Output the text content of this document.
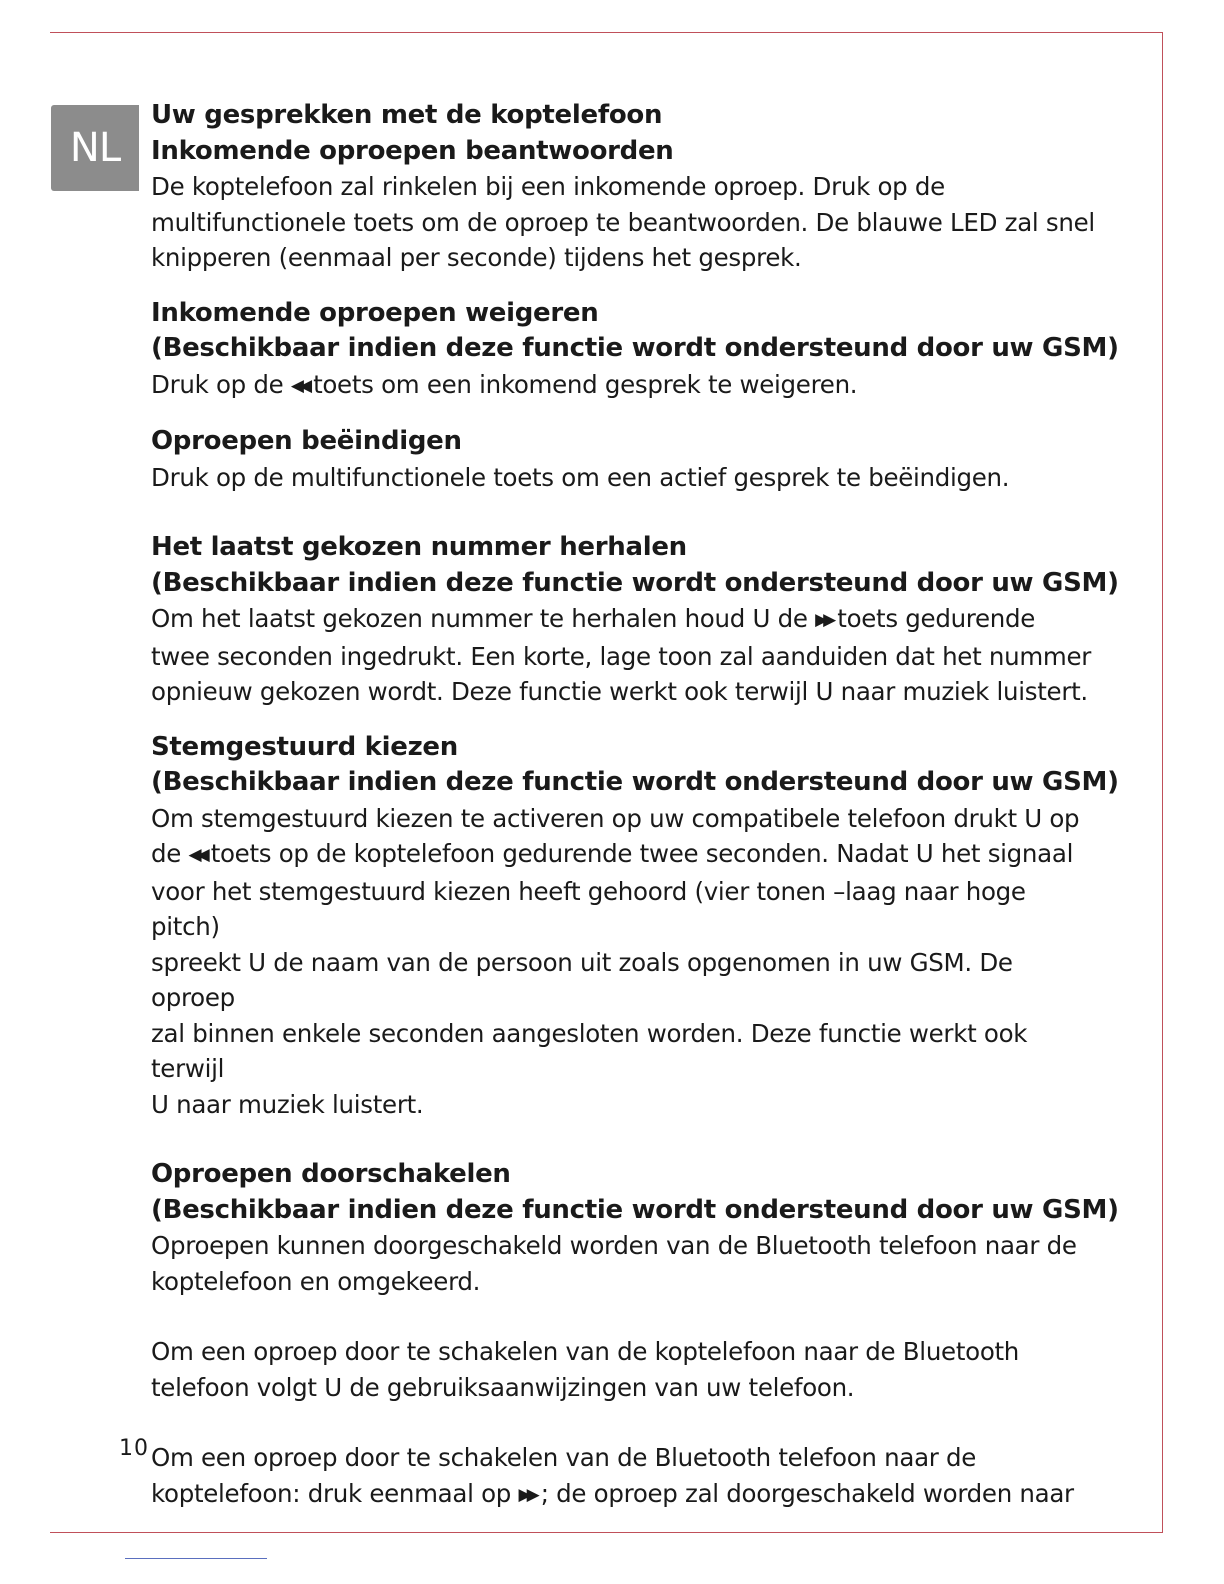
NL

Uw gesprekken met de koptelefoon

Inkomende oproepen beantwoorden

De koptelefoon zal rinkelen bij een inkomende oproep. Druk op de

multifunctionele toets om de oproep te beantwoorden. De blauwe LED zal snel

knipperen (eenmaal per seconde) tijdens het gesprek.

Inkomende oproepen weigeren

(Beschikbaar indien deze functie wordt ondersteund door uw GSM)

Druk op de ◀◀ toets om een inkomend gesprek te weigeren.

Oproepen beëindigen

Druk op de multifunctionele toets om een actief gesprek te beëindigen.

Het laatst gekozen nummer herhalen

(Beschikbaar indien deze functie wordt ondersteund door uw GSM)

Om het laatst gekozen nummer te herhalen houd U de ▶▶ toets gedurende

twee seconden ingedrukt. Een korte, lage toon zal aanduiden dat het nummer

opnieuw gekozen wordt. Deze functie werkt ook terwijl U naar muziek luistert.

Stemgestuurd kiezen

(Beschikbaar indien deze functie wordt ondersteund door uw GSM)

Om stemgestuurd kiezen te activeren op uw compatibele telefoon drukt U op

de ◀◀ toets op de koptelefoon gedurende twee seconden. Nadat U het signaal

voor het stemgestuurd kiezen heeft gehoord (vier tonen –laag naar hoge pitch)

spreekt U de naam van de persoon uit zoals opgenomen in uw GSM. De oproep

zal binnen enkele seconden aangesloten worden. Deze functie werkt ook terwijl

U naar muziek luistert.

Oproepen doorschakelen

(Beschikbaar indien deze functie wordt ondersteund door uw GSM)

Oproepen kunnen doorgeschakeld worden van de Bluetooth telefoon naar de

koptelefoon en omgekeerd.

Om een oproep door te schakelen van de koptelefoon naar de Bluetooth

telefoon volgt U de gebruiksaanwijzingen van uw telefoon.

Om een oproep door te schakelen van de Bluetooth telefoon naar de

koptelefoon: druk eenmaal op ▶▶ ; de oproep zal doorgeschakeld worden naar

10
